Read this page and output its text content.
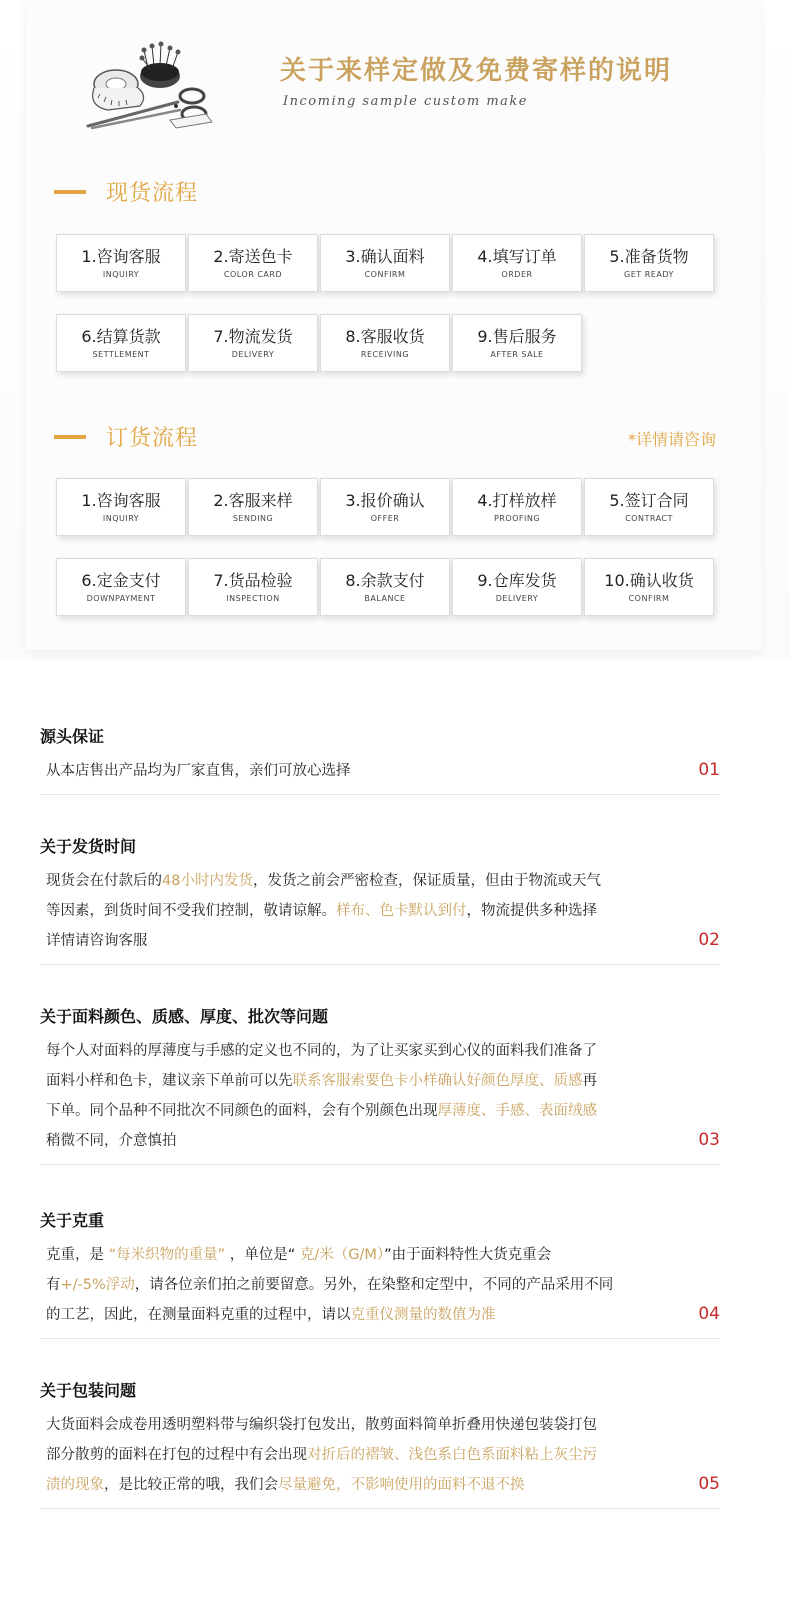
关于来样定做及免费寄样的说明
Incoming sample custom make
现货流程
1.咨询客服
INQUIRY
2.寄送色卡
COLOR CARD
3.确认面料
CONFIRM
4.填写订单
ORDER
5.准备货物
GET READY
6.结算货款
SETTLEMENT
7.物流发货
DELIVERY
8.客服收货
RECEIVING
9.售后服务
AFTER SALE
订货流程	*详情请咨询
1.咨询客服
INQUIRY
2.客服来样
SENDING
3.报价确认
OFFER
4.打样放样
PROOFING
5.签订合同
CONTRACT
6.定金支付
DOWNPAYMENT
7.货品检验
INSPECTION
8.余款支付
BALANCE
9.仓库发货
DELIVERY
10.确认收货
CONFIRM
源头保证
从本店售出产品均为厂家直售，亲们可放心选择	01
关于发货时间
现货会在付款后的48小时内发货，发货之前会严密检查，保证质量，但由于物流或天气
等因素，到货时间不受我们控制，敬请谅解。样布、色卡默认到付，物流提供多种选择
详情请咨询客服	02
关于面料颜色、质感、厚度、批次等问题
每个人对面料的厚薄度与手感的定义也不同的，为了让买家买到心仪的面料我们准备了
面料小样和色卡，建议亲下单前可以先联系客服索要色卡小样确认好颜色厚度、质感再
下单。同个品种不同批次不同颜色的面料，会有个别颜色出现厚薄度、手感、表面绒感
稍微不同，介意慎拍	03
关于克重
克重，是 “每米织物的重量” ，单位是“ 克/米（G/M）”由于面料特性大货克重会
有+/-5%浮动，请各位亲们拍之前要留意。另外，在染整和定型中，不同的产品采用不同
的工艺，因此，在测量面料克重的过程中，请以克重仪测量的数值为准	04
关于包装问题
大货面料会成卷用透明塑料带与编织袋打包发出，散剪面料简单折叠用快递包装袋打包
部分散剪的面料在打包的过程中有会出现对折后的褶皱、浅色系白色系面料粘上灰尘污
渍的现象，是比较正常的哦，我们会尽量避免，不影响使用的面料不退不换	05
